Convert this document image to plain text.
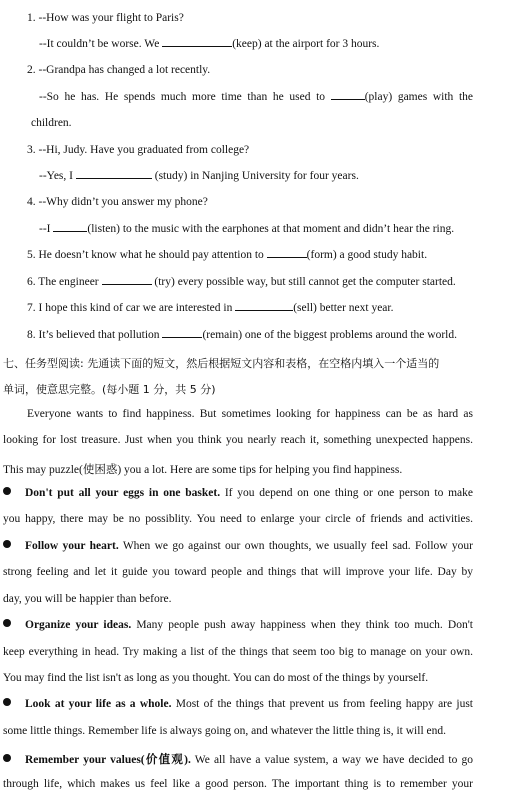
1. --How was your flight to Paris?
--It couldn’t be worse. We	(keep) at the airport for 3 hours.
2. --Grandpa has changed a lot recently.
--So he has. He spends much more time than he used to	(play) games with the
children.
3. --Hi, Judy. Have you graduated from college?
--Yes, I	(study) in Nanjing University for four years.
4. --Why didn’t you answer my phone?
--I	(listen) to the music with the earphones at that moment and didn’t hear the ring.
5. He doesn’t know what he should pay attention to	(form) a good study habit.
6. The engineer	(try) every possible way, but still cannot get the computer started.
7. I hope this kind of car we are interested in	(sell) better next year.
8. It’s believed that pollution	(remain) one of the biggest problems around the world.
七、任务型阅读: 先通读下面的短文，然后根据短文内容和表格，在空格内填入一个适当的
单词，使意思完整。(每小题 1 分，共 5 分)
Everyone wants to find happiness. But sometimes looking for happiness can be as hard as
looking for lost treasure. Just when you think you nearly reach it, something unexpected happens.
This may puzzle(使困惑) you a lot. Here are some tips for helping you find happiness.
Don't put all your eggs in one basket. If you depend on one thing or one person to make
you happy, there may be no possiblity. You need to enlarge your circle of friends and activities.
Follow your heart. When we go against our own thoughts, we usually feel sad. Follow your
strong feeling and let it guide you toward people and things that will improve your life. Day by
day, you will be happier than before.
Organize your ideas. Many people push away happiness when they think too much. Don't
keep everything in head. Try making a list of the things that seem too big to manage on your own.
You may find the list isn't as long as you thought. You can do most of the things by yourself.
Look at your life as a whole. Most of the things that prevent us from feeling happy are just
some little things. Remember life is always going on, and whatever the little thing is, it will end.
Remember your values(价值观). We all have a value system, a way we have decided to go
through life, which makes us feel like a good person. The important thing is to remember your
